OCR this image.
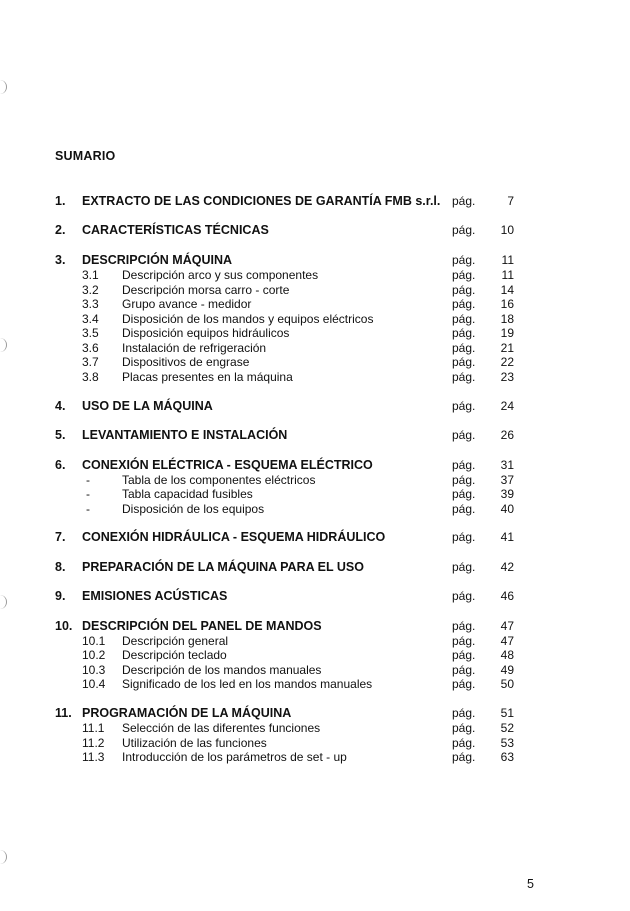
SUMARIO
1. EXTRACTO DE LAS CONDICIONES DE GARANTÍA FMB s.r.l. pág.	7
2. CARACTERÍSTICAS TÉCNICAS	pág. 10
3. DESCRIPCIÓN MÁQUINA	pág. 11
3.1 Descripción arco y sus componentes	pág. 11
3.2 Descripción morsa carro - corte	pág. 14
3.3 Grupo avance - medidor	pág. 16
3.4 Disposición de los mandos y equipos eléctricos	pág. 18
3.5 Disposición equipos hidráulicos	pág. 19
3.6 Instalación de refrigeración	pág. 21
3.7 Dispositivos de engrase	pág. 22
3.8 Placas presentes en la máquina	pág. 23
4. USO DE LA MÁQUINA	pág. 24
5. LEVANTAMIENTO E INSTALACIÓN	pág. 26
6. CONEXIÓN ELÉCTRICA - ESQUEMA ELÉCTRICO	pág. 31
-	Tabla de los componentes eléctricos	pág. 37
-	Tabla capacidad fusibles	pág. 39
-	Disposición de los equipos	pág. 40
7. CONEXIÓN HIDRÁULICA - ESQUEMA HIDRÁULICO	pág. 41
8. PREPARACIÓN DE LA MÁQUINA PARA EL USO	pág. 42
9. EMISIONES ACÚSTICAS	pág. 46
10. DESCRIPCIÓN DEL PANEL DE MANDOS	pág. 47
10.1 Descripción general	pág. 47
10.2 Descripción teclado	pág. 48
10.3 Descripción de los mandos manuales	pág. 49
10.4 Significado de los led en los mandos manuales	pág. 50
11. PROGRAMACIÓN DE LA MÁQUINA	pág. 51
11.1 Selección de las diferentes funciones	pág. 52
11.2 Utilización de las funciones	pág. 53
11.3 Introducción de los parámetros de set - up	pág. 63
5
